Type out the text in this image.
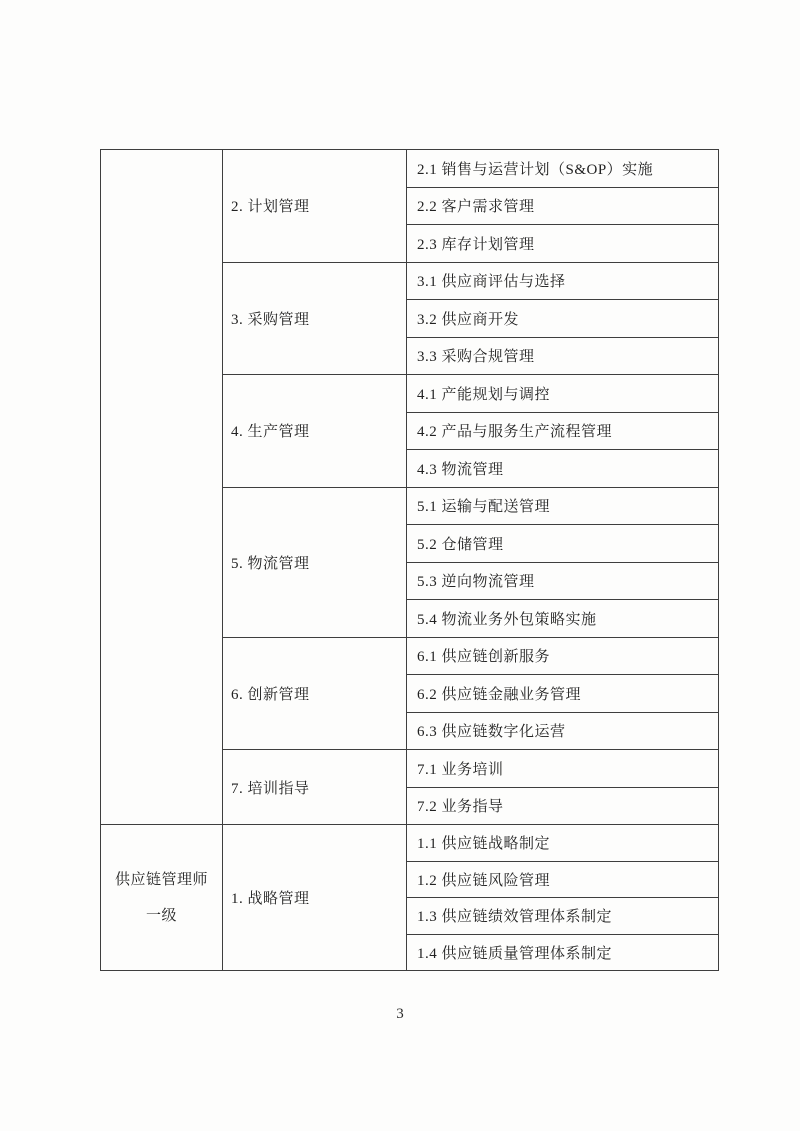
	2. 计划管理	2.1 销售与运营计划（S&OP）实施
		2.2 客户需求管理
		2.3 库存计划管理
	3. 采购管理	3.1 供应商评估与选择
		3.2 供应商开发
		3.3 采购合规管理
	4. 生产管理	4.1 产能规划与调控
		4.2 产品与服务生产流程管理
		4.3 物流管理
	5. 物流管理	5.1 运输与配送管理
		5.2 仓储管理
		5.3 逆向物流管理
		5.4 物流业务外包策略实施
	6. 创新管理	6.1 供应链创新服务
		6.2 供应链金融业务管理
		6.3 供应链数字化运营
	7. 培训指导	7.1 业务培训
		7.2 业务指导

供应链管理师
一级	1. 战略管理	1.1 供应链战略制定
		1.2 供应链风险管理
		1.3 供应链绩效管理体系制定
		1.4 供应链质量管理体系制定
3
